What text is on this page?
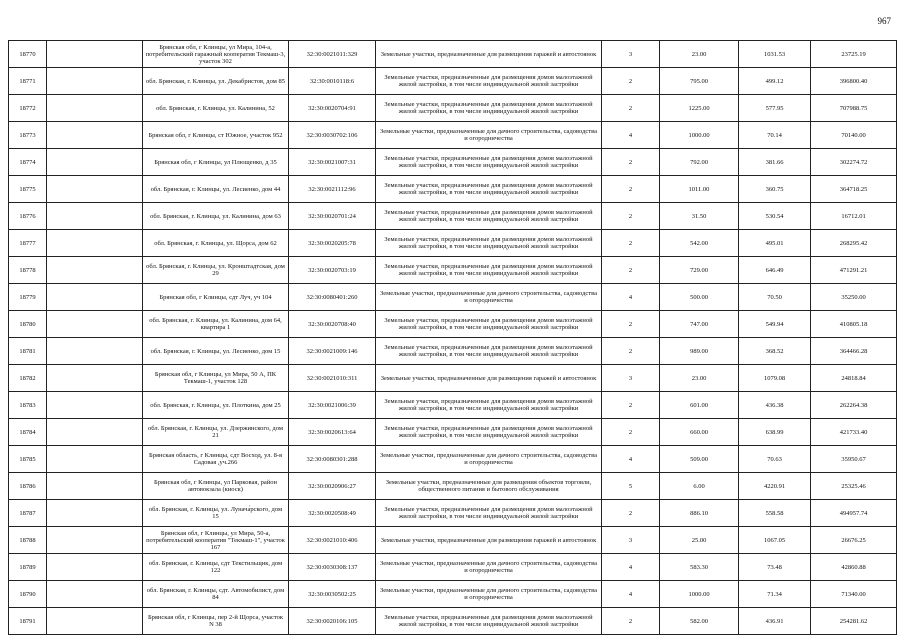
967
18770		Брянская обл, г Клинцы, ул Мира, 104-а, потребительский гаражный кооператив Текмаш-3, участок 302	32:30:0021011:329	Земельные участки, предназначенные для размещения гаражей и автостоянок	3	23.00	1031.53	23725.19
18771		обл. Брянская, г. Клинцы, ул. Декабристов, дом 85	32:30:0010118:6	Земельные участки, предназначенные для размещения домов малоэтажной жилой застройки, в том числе индивидуальной жилой застройки	2	795.00	499.12	396800.40
18772		обл. Брянская, г. Клинцы, ул. Калинина, 52	32:30:0020704:91	Земельные участки, предназначенные для размещения домов малоэтажной жилой застройки, в том числе индивидуальной жилой застройки	2	1225.00	577.95	707988.75
18773		Брянская обл, г Клинцы, ст Южное, участок 952	32:30:0030702:106	Земельные участки, предназначенные для дачного строительства, садоводства и огородничества	4	1000.00	70.14	70140.00
18774		Брянская обл, г Клинцы, ул Плющенко, д 35	32:30:0021007:31	Земельные участки, предназначенные для размещения домов малоэтажной жилой застройки, в том числе индивидуальной жилой застройки	2	792.00	381.66	302274.72
18775		обл. Брянская, г. Клинцы, ул. Лесиенко, дом 44	32:30:0021112:96	Земельные участки, предназначенные для размещения домов малоэтажной жилой застройки, в том числе индивидуальной жилой застройки	2	1011.00	360.75	364718.25
18776		обл. Брянская, г. Клинцы, ул. Калинина, дом 63	32:30:0020701:24	Земельные участки, предназначенные для размещения домов малоэтажной жилой застройки, в том числе индивидуальной жилой застройки	2	31.50	530.54	16712.01
18777		обл. Брянская, г. Клинцы, ул. Щорса, дом 62	32:30:0020205:78	Земельные участки, предназначенные для размещения домов малоэтажной жилой застройки, в том числе индивидуальной жилой застройки	2	542.00	495.01	268295.42
18778		обл. Брянская, г. Клинцы, ул. Кронштадтская, дом 29	32:30:0020703:19	Земельные участки, предназначенные для размещения домов малоэтажной жилой застройки, в том числе индивидуальной жилой застройки	2	729.00	646.49	471291.21
18779		Брянская обл, г Клинцы, сдт Луч, уч 104	32:30:0080401:260	Земельные участки, предназначенные для дачного строительства, садоводства и огородничества	4	500.00	70.50	35250.00
18780		обл. Брянская, г. Клинцы, ул. Калинина, дом 64, квартира 1	32:30:0020708:40	Земельные участки, предназначенные для размещения домов малоэтажной жилой застройки, в том числе индивидуальной жилой застройки	2	747.00	549.94	410805.18
18781		обл. Брянская, г. Клинцы, ул. Лесиенко, дом 15	32:30:0021009:146	Земельные участки, предназначенные для размещения домов малоэтажной жилой застройки, в том числе индивидуальной жилой застройки	2	989.00	368.52	364466.28
18782		Брянская обл, г Клинцы, ул Мира, 50 А, ПК Текмаш-1, участок 128	32:30:0021010:311	Земельные участки, предназначенные для размещения гаражей и автостоянок	3	23.00	1079.08	24818.84
18783		обл. Брянская, г. Клинцы, ул. Плоткина, дом 25	32:30:0021006:39	Земельные участки, предназначенные для размещения домов малоэтажной жилой застройки, в том числе индивидуальной жилой застройки	2	601.00	436.38	262264.38
18784		обл. Брянская, г. Клинцы, ул. Дзержинского, дом 21	32:30:0020613:64	Земельные участки, предназначенные для размещения домов малоэтажной жилой застройки, в том числе индивидуальной жилой застройки	2	660.00	638.99	421733.40
18785		Брянская область, г Клинцы, сдт Восход, ул. 8-я Садовая ,уч.266	32:30:0080301:288	Земельные участки, предназначенные для дачного строительства, садоводства и огородничества	4	509.00	70.63	35950.67
18786		Брянская обл, г Клинцы, ул Парковая, район автовокзала (киоск)	32:30:0020906:27	Земельные участки, предназначенные для размещения объектов торговли, общественного питания и бытового обслуживания	5	6.00	4220.91	25325.46
18787		обл. Брянская, г. Клинцы, ул. Лунача́рского, дом 15	32:30:0020508:49	Земельные участки, предназначенные для размещения домов малоэтажной жилой застройки, в том числе индивидуальной жилой застройки	2	886.10	558.58	494957.74
18788		Брянская обл, г Клинцы, ул Мира, 50-а, потребительский кооператив "Текмаш-1", участок 167	32:30:0021010:406	Земельные участки, предназначенные для размещения гаражей и автостоянок	3	25.00	1067.05	26676.25
18789		обл. Брянская, г. Клинцы, сдт Текстильщик, дом 122	32:30:0030308:137	Земельные участки, предназначенные для дачного строительства, садоводства и огородничества	4	583.30	73.48	42860.88
18790		обл. Брянская, г. Клинцы, сдт. Автомобилист, дом 84	32:30:0030502:25	Земельные участки, предназначенные для дачного строительства, садоводства и огородничества	4	1000.00	71.34	71340.00
18791		Брянская обл, г Клинцы, пер 2-й Щорса, участок N 38	32:30:0020106:105	Земельные участки, предназначенные для размещения домов малоэтажной жилой застройки, в том числе индивидуальной жилой застройки	2	582.00	436.91	254281.62
